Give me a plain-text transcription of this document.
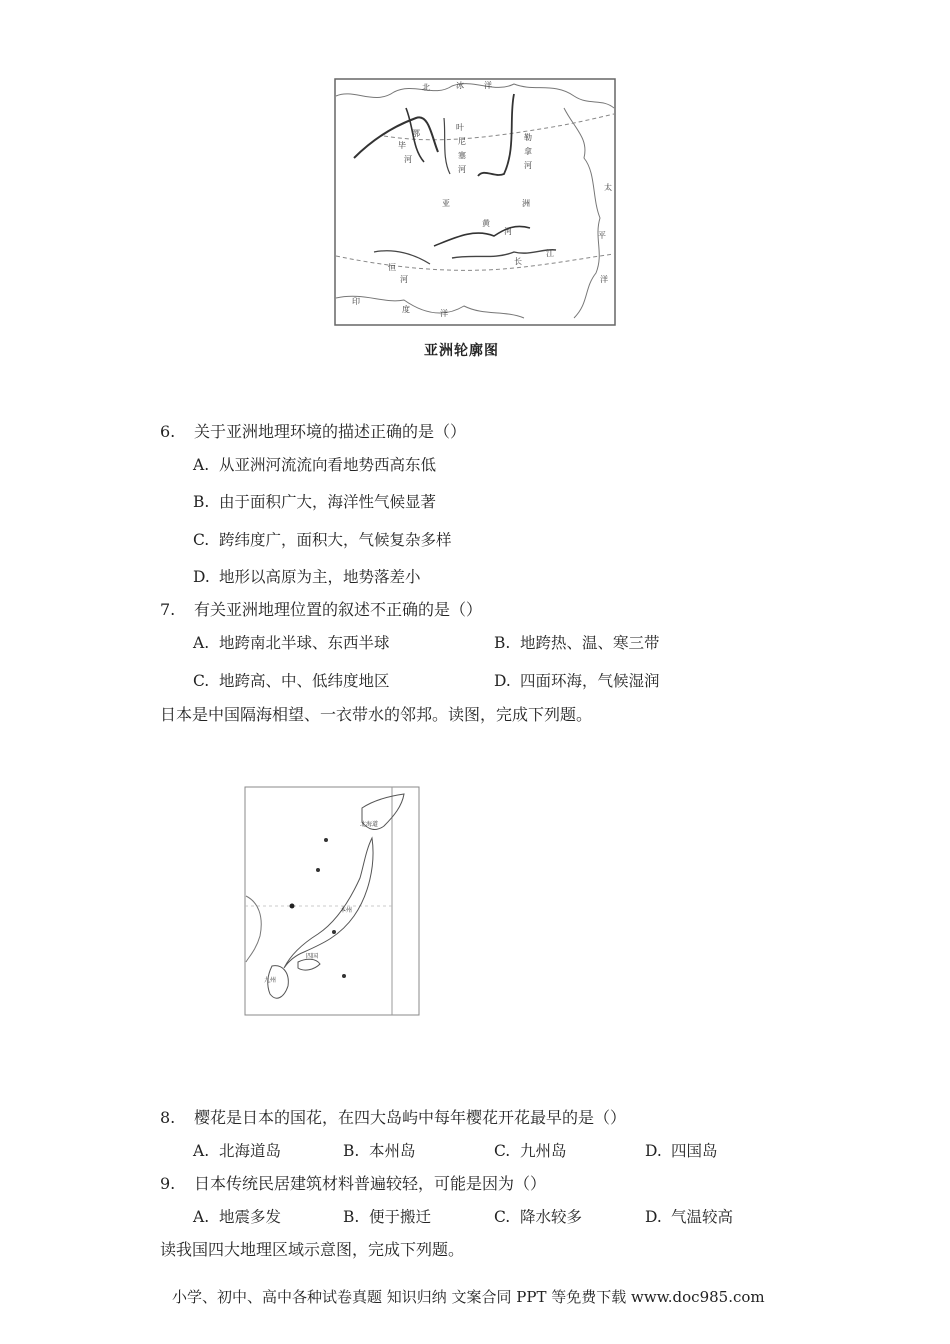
北	冰	洋
叶
尼
塞
河
鄂
毕
河
勒
拿
河
亚	洲
黄
河
长
江
恒
河
印
度	洋
太
平
洋
亚洲轮廓图
6. 关于亚洲地理环境的描述正确的是（）
A. 从亚洲河流流向看地势西高东低
B. 由于面积广大，海洋性气候显著
C. 跨纬度广，面积大，气候复杂多样
D. 地形以高原为主，地势落差小
7. 有关亚洲地理位置的叙述不正确的是（）
A. 地跨南北半球、东西半球	B. 地跨热、温、寒三带
C. 地跨高、中、低纬度地区	D. 四面环海，气候湿润
日本是中国隔海相望、一衣带水的邻邦。读图，完成下列题。
北海道
本州
四国
九州
8. 樱花是日本的国花，在四大岛屿中每年樱花开花最早的是（）
A. 北海道岛	B. 本州岛	C. 九州岛	D. 四国岛
9. 日本传统民居建筑材料普遍较轻，可能是因为（）
A. 地震多发	B. 便于搬迁	C. 降水较多	D. 气温较高
读我国四大地理区域示意图，完成下列题。
小学、初中、高中各种试卷真题 知识归纳 文案合同 PPT 等免费下载 www.doc985.com
